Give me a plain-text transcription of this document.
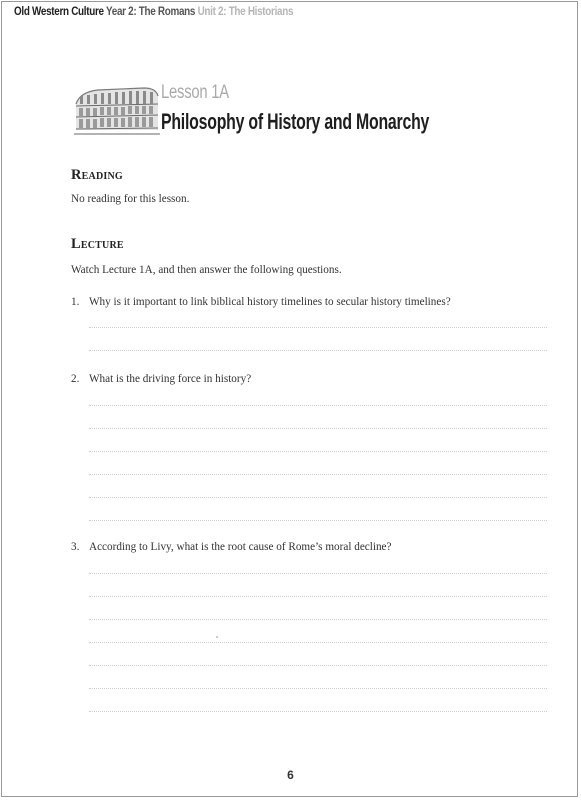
Old Western Culture Year 2: The Romans Unit 2: The Historians
Lesson 1A
Philosophy of History and Monarchy
Reading
No reading for this lesson.
Lecture
Watch Lecture 1A, and then answer the following questions.
1. Why is it important to link biblical history timelines to secular history timelines?
2. What is the driving force in history?
3. According to Livy, what is the root cause of Rome’s moral decline?
6
